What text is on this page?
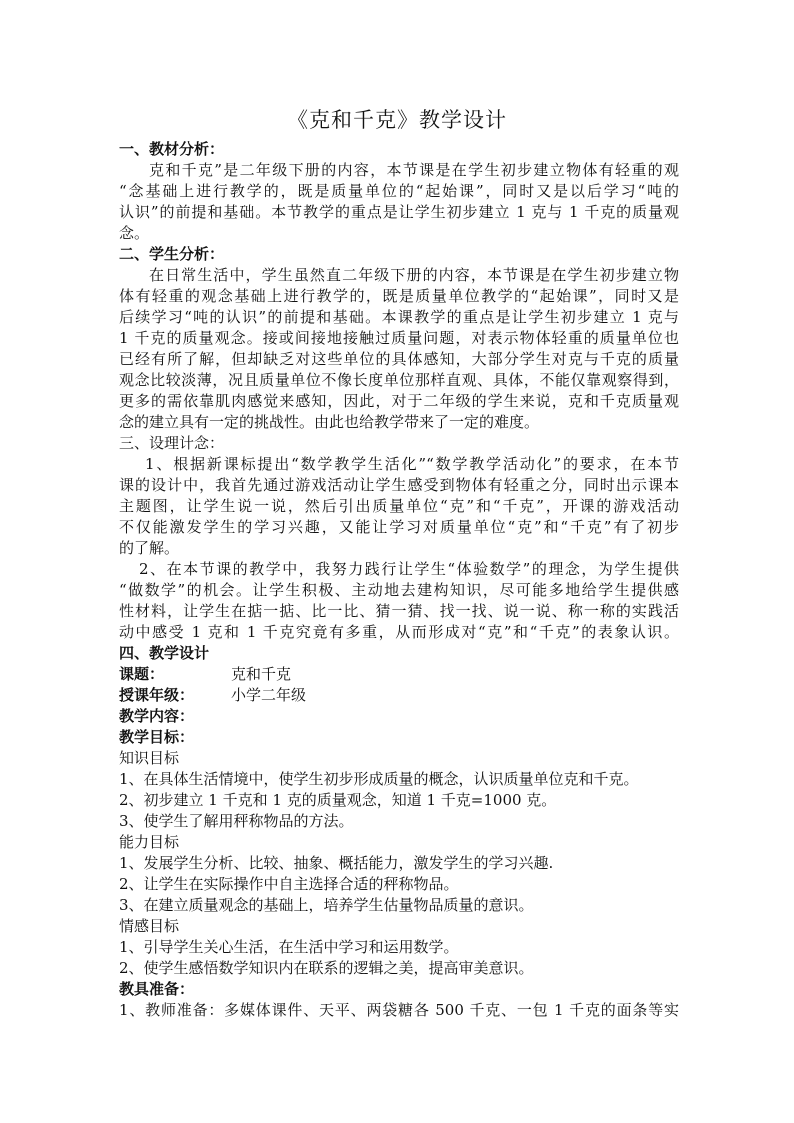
《克和千克》教学设计
一、教材分析：
克和千克”是二年级下册的内容，本节课是在学生初步建立物体有轻重的观
“念基础上进行教学的，既是质量单位的“起始课”，同时又是以后学习“吨的
认识”的前提和基础。本节教学的重点是让学生初步建立 1 克与 1 千克的质量观
念。
二、学生分析：
在日常生活中，学生虽然直二年级下册的内容，本节课是在学生初步建立物
体有轻重的观念基础上进行教学的，既是质量单位教学的“起始课”，同时又是
后续学习“吨的认识”的前提和基础。本课教学的重点是让学生初步建立 1 克与
1 千克的质量观念。接或间接地接触过质量问题，对表示物体轻重的质量单位也
已经有所了解，但却缺乏对这些单位的具体感知，大部分学生对克与千克的质量
观念比较淡薄，况且质量单位不像长度单位那样直观、具体，不能仅靠观察得到，
更多的需依靠肌肉感觉来感知，因此，对于二年级的学生来说，克和千克质量观
念的建立具有一定的挑战性。由此也给教学带来了一定的难度。
三、设理计念：
1、根据新课标提出“数学教学生活化”“数学教学活动化”的要求，在本节
课的设计中，我首先通过游戏活动让学生感受到物体有轻重之分，同时出示课本
主题图，让学生说一说，然后引出质量单位“克”和“千克”，开课的游戏活动
不仅能激发学生的学习兴趣，又能让学习对质量单位“克”和“千克”有了初步
的了解。
2、在本节课的教学中，我努力践行让学生“体验数学”的理念，为学生提供
“做数学”的机会。让学生积极、主动地去建构知识，尽可能多地给学生提供感
性材料，让学生在掂一掂、比一比、猜一猜、找一找、说一说、称一称的实践活
动中感受 1 克和 1 千克究竟有多重，从而形成对“克”和“千克”的表象认识。
四、教学设计
课题：	克和千克
授课年级： 小学二年级
教学内容：
教学目标：
知识目标
1、在具体生活情境中，使学生初步形成质量的概念，认识质量单位克和千克。
2、初步建立 1 千克和 1 克的质量观念，知道 1 千克=1000 克。
3、使学生了解用秤称物品的方法。
能力目标
1、发展学生分析、比较、抽象、概括能力，激发学生的学习兴趣.
2、让学生在实际操作中自主选择合适的秤称物品。
3、在建立质量观念的基础上，培养学生估量物品质量的意识。
情感目标
1、引导学生关心生活，在生活中学习和运用数学。
2、使学生感悟数学知识内在联系的逻辑之美，提高审美意识。
教具准备：
1、教师准备：多媒体课件、天平、两袋糖各 500 千克、一包 1 千克的面条等实
